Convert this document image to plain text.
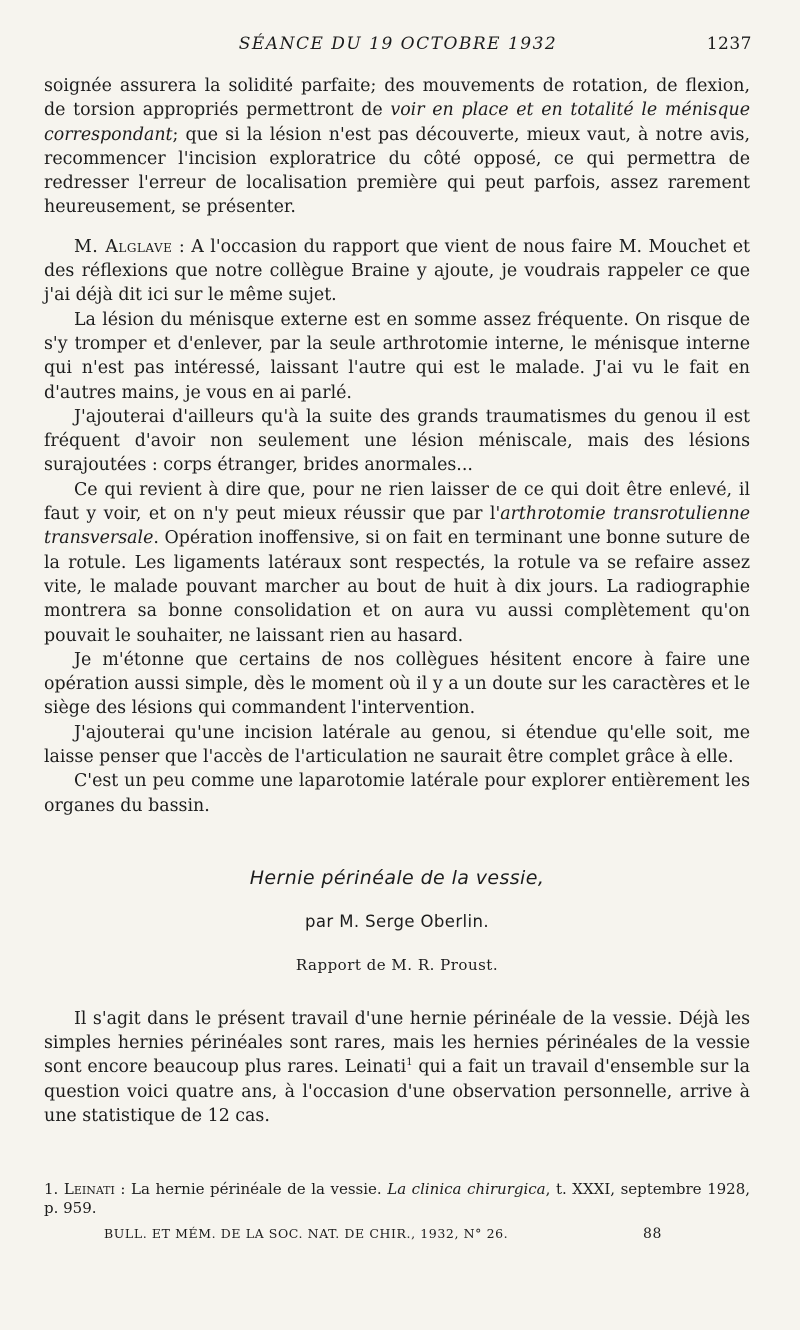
SÉANCE DU 19 OCTOBRE 1932	1237

soignée assurera la solidité parfaite; des mouvements de rotation, de flexion, de torsion appropriés permettront de voir en place et en totalité le ménisque correspondant; que si la lésion n'est pas découverte, mieux vaut, à notre avis, recommencer l'incision exploratrice du côté opposé, ce qui permettra de redresser l'erreur de localisation première qui peut parfois, assez rarement heureusement, se présenter.

M. Alglave : A l'occasion du rapport que vient de nous faire M. Mouchet et des réflexions que notre collègue Braine y ajoute, je voudrais rappeler ce que j'ai déjà dit ici sur le même sujet.

La lésion du ménisque externe est en somme assez fréquente. On risque de s'y tromper et d'enlever, par la seule arthrotomie interne, le ménisque interne qui n'est pas intéressé, laissant l'autre qui est le malade. J'ai vu le fait en d'autres mains, je vous en ai parlé.

J'ajouterai d'ailleurs qu'à la suite des grands traumatismes du genou il est fréquent d'avoir non seulement une lésion méniscale, mais des lésions surajoutées : corps étranger, brides anormales...

Ce qui revient à dire que, pour ne rien laisser de ce qui doit être enlevé, il faut y voir, et on n'y peut mieux réussir que par l'arthrotomie transrotulienne transversale. Opération inoffensive, si on fait en terminant une bonne suture de la rotule. Les ligaments latéraux sont respectés, la rotule va se refaire assez vite, le malade pouvant marcher au bout de huit à dix jours. La radiographie montrera sa bonne consolidation et on aura vu aussi complètement qu'on pouvait le souhaiter, ne laissant rien au hasard.

Je m'étonne que certains de nos collègues hésitent encore à faire une opération aussi simple, dès le moment où il y a un doute sur les caractères et le siège des lésions qui commandent l'intervention.

J'ajouterai qu'une incision latérale au genou, si étendue qu'elle soit, me laisse penser que l'accès de l'articulation ne saurait être complet grâce à elle.

C'est un peu comme une laparotomie latérale pour explorer entièrement les organes du bassin.

Hernie périnéale de la vessie,
par M. Serge Oberlin.
Rapport de M. R. Proust.

Il s'agit dans le présent travail d'une hernie périnéale de la vessie. Déjà les simples hernies périnéales sont rares, mais les hernies périnéales de la vessie sont encore beaucoup plus rares. Leinati$^1$ qui a fait un travail d'ensemble sur la question voici quatre ans, à l'occasion d'une observation personnelle, arrive à une statistique de 12 cas.

1. Leinati : La hernie périnéale de la vessie. La clinica chirurgica, t. XXXI, septembre 1928, p. 959.
BULL. ET MÉM. DE LA SOC. NAT. DE CHIR., 1932, N° 26.	88
